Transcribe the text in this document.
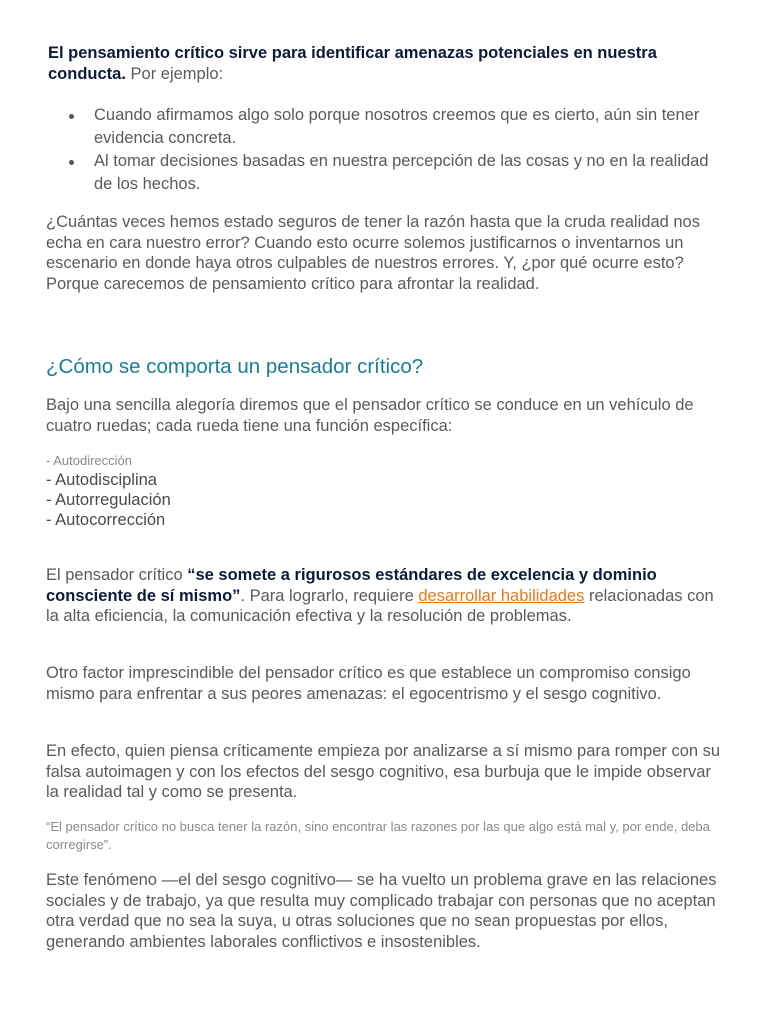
El pensamiento crítico sirve para identificar amenazas potenciales en nuestra conducta. Por ejemplo:

Cuando afirmamos algo solo porque nosotros creemos que es cierto, aún sin tener evidencia concreta.
Al tomar decisiones basadas en nuestra percepción de las cosas y no en la realidad de los hechos.

¿Cuántas veces hemos estado seguros de tener la razón hasta que la cruda realidad nos echa en cara nuestro error? Cuando esto ocurre solemos justificarnos o inventarnos un escenario en donde haya otros culpables de nuestros errores. Y, ¿por qué ocurre esto? Porque carecemos de pensamiento crítico para afrontar la realidad.

¿Cómo se comporta un pensador crítico?

Bajo una sencilla alegoría diremos que el pensador crítico se conduce en un vehículo de cuatro ruedas; cada rueda tiene una función específica:

- Autodirección
- Autodisciplina
- Autorregulación
- Autocorrección

El pensador crítico “se somete a rigurosos estándares de excelencia y dominio consciente de sí mismo”. Para lograrlo, requiere desarrollar habilidades relacionadas con la alta eficiencia, la comunicación efectiva y la resolución de problemas.

Otro factor imprescindible del pensador crítico es que establece un compromiso consigo mismo para enfrentar a sus peores amenazas: el egocentrismo y el sesgo cognitivo.

En efecto, quien piensa críticamente empieza por analizarse a sí mismo para romper con su falsa autoimagen y con los efectos del sesgo cognitivo, esa burbuja que le impide observar la realidad tal y como se presenta.

“El pensador crítico no busca tener la razón, sino encontrar las razones por las que algo está mal y, por ende, deba corregirse”.

Este fenómeno —el del sesgo cognitivo— se ha vuelto un problema grave en las relaciones sociales y de trabajo, ya que resulta muy complicado trabajar con personas que no aceptan otra verdad que no sea la suya, u otras soluciones que no sean propuestas por ellos, generando ambientes laborales conflictivos e insostenibles.
